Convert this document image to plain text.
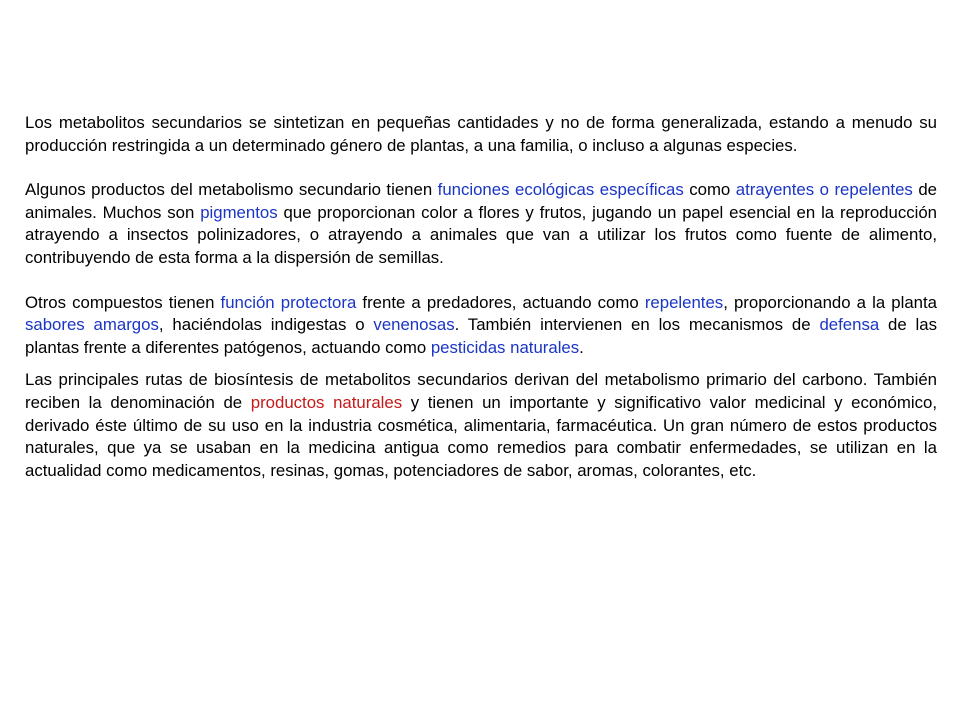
Los metabolitos secundarios se sintetizan en pequeñas cantidades y no de forma generalizada, estando a menudo su producción restringida a un determinado género de plantas, a una familia, o incluso a algunas especies.

Algunos productos del metabolismo secundario tienen funciones ecológicas específicas como atrayentes o repelentes de animales. Muchos son pigmentos que proporcionan color a flores y frutos, jugando un papel esencial en la reproducción atrayendo a insectos polinizadores, o atrayendo a animales que van a utilizar los frutos como fuente de alimento, contribuyendo de esta forma a la dispersión de semillas.

Otros compuestos tienen función protectora frente a predadores, actuando como repelentes, proporcionando a la planta sabores amargos, haciéndolas indigestas o venenosas. También intervienen en los mecanismos de defensa de las plantas frente a diferentes patógenos, actuando como pesticidas naturales.

Las principales rutas de biosíntesis de metabolitos secundarios derivan del metabolismo primario del carbono. También reciben la denominación de productos naturales y tienen un importante y significativo valor medicinal y económico, derivado éste último de su uso en la industria cosmética, alimentaria, farmacéutica. Un gran número de estos productos naturales, que ya se usaban en la medicina antigua como remedios para combatir enfermedades, se utilizan en la actualidad como medicamentos, resinas, gomas, potenciadores de sabor, aromas, colorantes, etc.
